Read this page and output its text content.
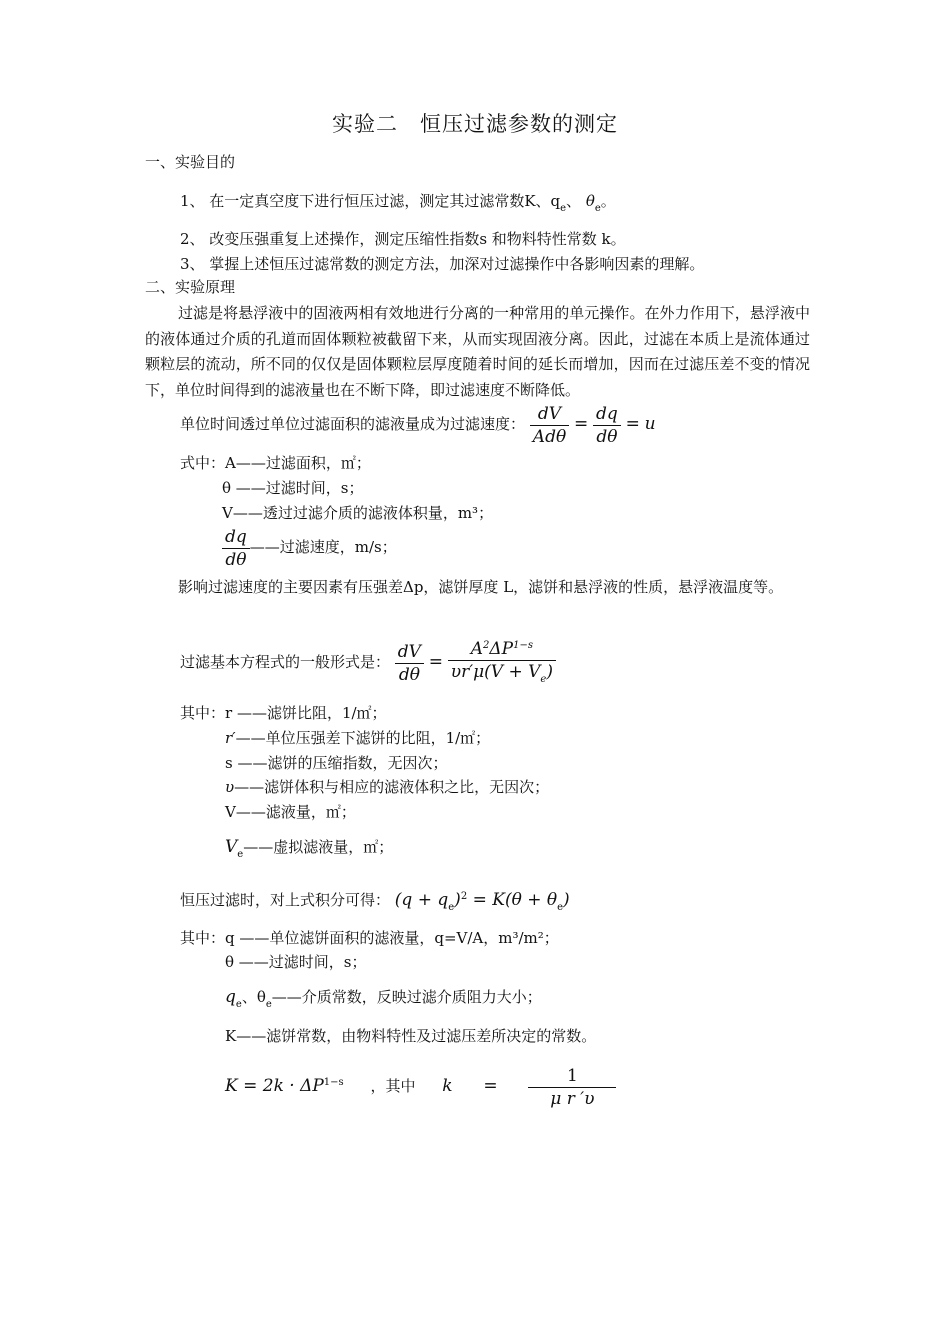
实验二　恒压过滤参数的测定
一、实验目的
1、 在一定真空度下进行恒压过滤，测定其过滤常数K、$q_e$、 $\theta_e$。
2、 改变压强重复上述操作，测定压缩性指数s 和物料特性常数 k。
3、 掌握上述恒压过滤常数的测定方法，加深对过滤操作中各影响因素的理解。
二、实验原理
过滤是将悬浮液中的固液两相有效地进行分离的一种常用的单元操作。在外力作用下，悬浮液中的液体通过介质的孔道而固体颗粒被截留下来，从而实现固液分离。因此，过滤在本质上是流体通过颗粒层的流动，所不同的仅仅是固体颗粒层厚度随着时间的延长而增加，因而在过滤压差不变的情况下，单位时间得到的滤液量也在不断下降，即过滤速度不断降低。
单位时间透过单位过滤面积的滤液量成为过滤速度： $\frac{dV}{\text{Adθ}} = \frac{dq}{d\theta} = u$
式中：A——过滤面积，㎡；
θ ——过滤时间，s；
V——透过过滤介质的滤液体积量，m³；
$\frac{dq}{d\theta}$ ——过滤速度，m/s；
影响过滤速度的主要因素有压强差Δp，滤饼厚度 L，滤饼和悬浮液的性质，悬浮液温度等。
过滤基本方程式的一般形式是： $\frac{dV}{d\theta} = \frac{A^2\Delta P^{1-s}}{\upsilon r'\mu(V + V_e)}$
其中：r ——滤饼比阻，1/㎡；
r′——单位压强差下滤饼的比阻，1/㎡；
s ——滤饼的压缩指数，无因次；
υ——滤饼体积与相应的滤液体积之比，无因次；
V——滤液量，㎡；
$V_e——$虚拟滤液量，㎡；
恒压过滤时，对上式积分可得： $(q + q_e)^2 = K(\theta + \theta_e)$
其中：q ——单位滤饼面积的滤液量，q=V/A，m³/m²；
θ ——过滤时间，s；
$q_e$、$\theta_e——$介质常数，反映过滤介质阻力大小；
K——滤饼常数，由物料特性及过滤压差所决定的常数。
$K = 2k \cdot \Delta P^{1-s}$ ，其中 $k = \frac{1}{\text{μ r ′υ}}$
